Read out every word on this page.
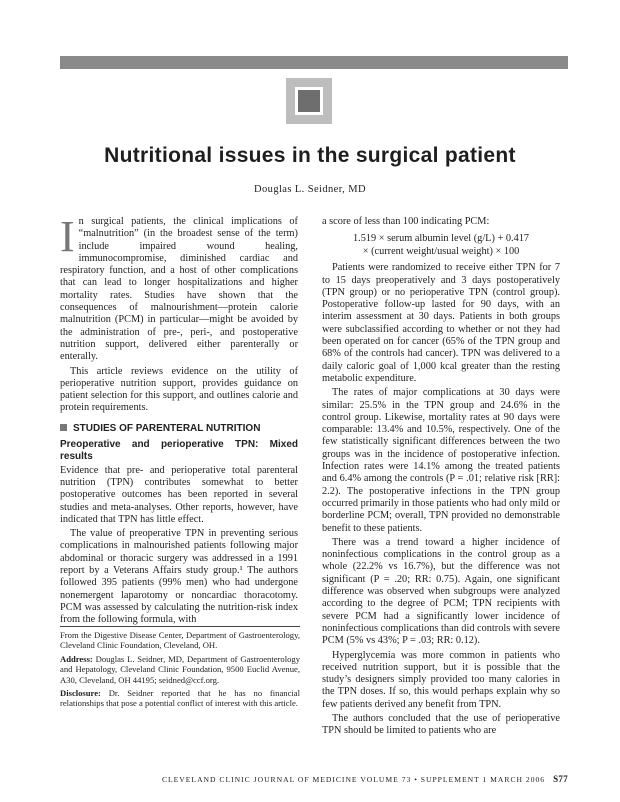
Nutritional issues in the surgical patient
Douglas L. Seidner, MD

In surgical patients, the clinical implications of “malnutrition” (in the broadest sense of the term) include impaired wound healing, immunocompromise, diminished cardiac and respiratory function, and a host of other complications that can lead to longer hospitalizations and higher mortality rates. Studies have shown that the consequences of malnourishment—protein calorie malnutrition (PCM) in particular—might be avoided by the administration of pre-, peri-, and postoperative nutrition support, delivered either parenterally or enterally.

This article reviews evidence on the utility of perioperative nutrition support, provides guidance on patient selection for this support, and outlines calorie and protein requirements.

STUDIES OF PARENTERAL NUTRITION
Preoperative and perioperative TPN: Mixed results

Evidence that pre- and perioperative total parenteral nutrition (TPN) contributes somewhat to better postoperative outcomes has been reported in several studies and meta-analyses. Other reports, however, have indicated that TPN has little effect.

The value of preoperative TPN in preventing serious complications in malnourished patients following major abdominal or thoracic surgery was addressed in a 1991 report by a Veterans Affairs study group.¹ The authors followed 395 patients (99% men) who had undergone nonemergent laparotomy or noncardiac thoracotomy. PCM was assessed by calculating the nutrition-risk index from the following formula, with

a score of less than 100 indicating PCM:

1.519 × serum albumin level (g/L) + 0.417
× (current weight/usual weight) × 100

Patients were randomized to receive either TPN for 7 to 15 days preoperatively and 3 days postoperatively (TPN group) or no perioperative TPN (control group). Postoperative follow-up lasted for 90 days, with an interim assessment at 30 days. Patients in both groups were subclassified according to whether or not they had been operated on for cancer (65% of the TPN group and 68% of the controls had cancer). TPN was delivered to a daily caloric goal of 1,000 kcal greater than the resting metabolic expenditure.

The rates of major complications at 30 days were similar: 25.5% in the TPN group and 24.6% in the control group. Likewise, mortality rates at 90 days were comparable: 13.4% and 10.5%, respectively. One of the few statistically significant differences between the two groups was in the incidence of postoperative infection. Infection rates were 14.1% among the treated patients and 6.4% among the controls (P = .01; relative risk [RR]: 2.2). The postoperative infections in the TPN group occurred primarily in those patients who had only mild or borderline PCM; overall, TPN provided no demonstrable benefit to these patients.

There was a trend toward a higher incidence of noninfectious complications in the control group as a whole (22.2% vs 16.7%), but the difference was not significant (P = .20; RR: 0.75). Again, one significant difference was observed when subgroups were analyzed according to the degree of PCM; TPN recipients with severe PCM had a significantly lower incidence of noninfectious complications than did controls with severe PCM (5% vs 43%; P = .03; RR: 0.12).

Hyperglycemia was more common in patients who received nutrition support, but it is possible that the study’s designers simply provided too many calories in the TPN doses. If so, this would perhaps explain why so few patients derived any benefit from TPN.

The authors concluded that the use of perioperative TPN should be limited to patients who are

From the Digestive Disease Center, Department of Gastroenterology, Cleveland Clinic Foundation, Cleveland, OH.

Address: Douglas L. Seidner, MD, Department of Gastroenterology and Hepatology, Cleveland Clinic Foundation, 9500 Euclid Avenue, A30, Cleveland, OH 44195; seidned@ccf.org.

Disclosure: Dr. Seidner reported that he has no financial relationships that pose a potential conflict of interest with this article.

CLEVELAND CLINIC JOURNAL OF MEDICINE VOLUME 73 • SUPPLEMENT 1 MARCH 2006 S77
